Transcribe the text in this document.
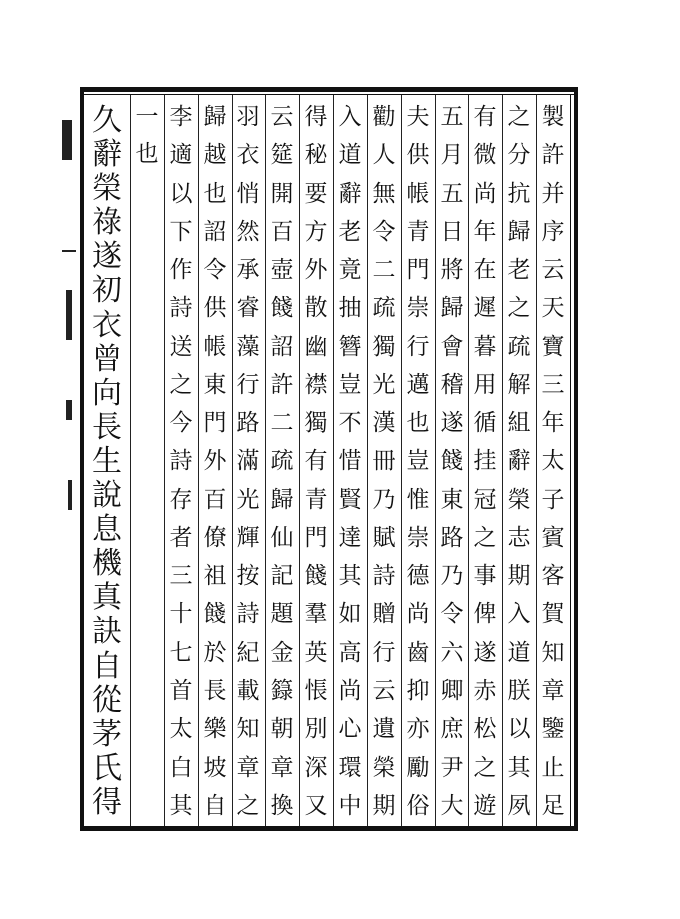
製
許
并
序
云
天
寶
三
年
太
子
賓
客
賀
知
章
鑒
止
足
之
分
抗
歸
老
之
疏
解
組
辭
榮
志
期
入
道
朕
以
其
夙
有
微
尚
年
在
遲
暮
用
循
挂
冠
之
事
俾
遂
赤
松
之
遊
五
月
五
日
將
歸
會
稽
遂
餞
東
路
乃
令
六
卿
庶
尹
大
夫
供
帳
青
門
崇
行
邁
也
豈
惟
崇
德
尚
齒
抑
亦
勵
俗
勸
人
無
令
二
疏
獨
光
漢
冊
乃
賦
詩
贈
行
云
遺
榮
期
入
道
辭
老
竟
抽
簪
豈
不
惜
賢
達
其
如
高
尚
心
環
中
得
秘
要
方
外
散
幽
襟
獨
有
青
門
餞
羣
英
悵
別
深
又
云
筵
開
百
壺
餞
詔
許
二
疏
歸
仙
記
題
金
籙
朝
章
換
羽
衣
悄
然
承
睿
藻
行
路
滿
光
輝
按
詩
紀
載
知
章
之
歸
越
也
詔
令
供
帳
東
門
外
百
僚
祖
餞
於
長
樂
坡
自
李
適
以
下
作
詩
送
之
今
詩
存
者
三
十
七
首
太
白
其
一
也
久
辭
榮
祿
遂
初
衣
曾
向
長
生
說
息
機
真
訣
自
從
茅
氏
得
